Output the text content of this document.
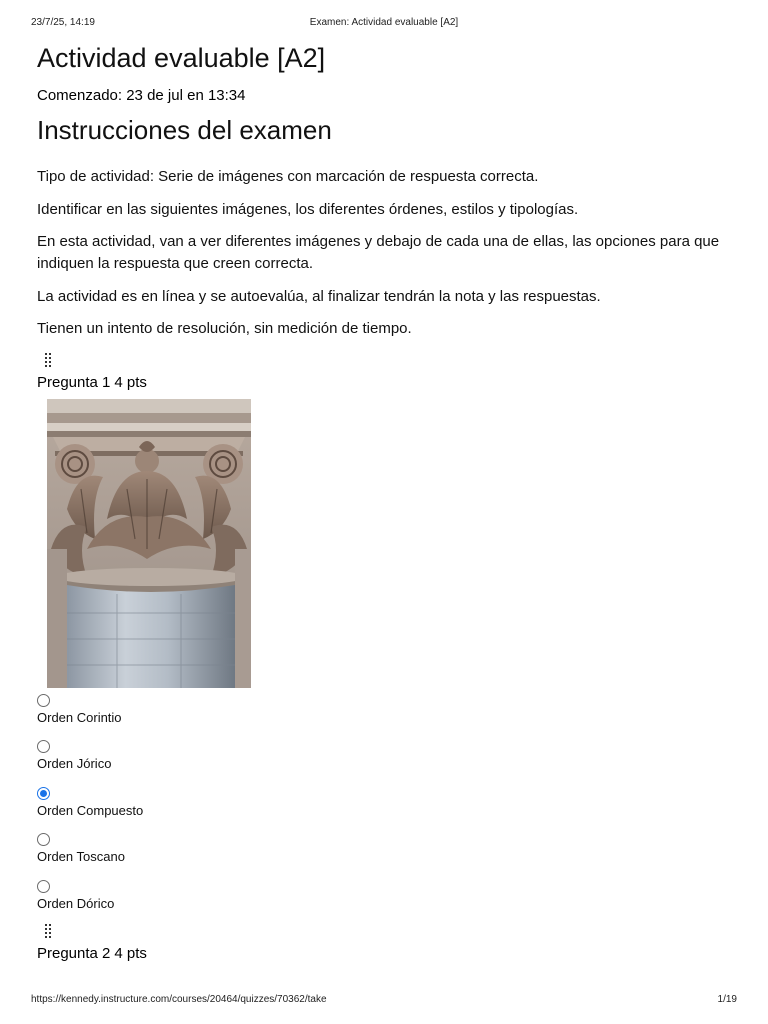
23/7/25, 14:19	Examen: Actividad evaluable [A2]
Actividad evaluable [A2]
Comenzado: 23 de jul en 13:34
Instrucciones del examen

Tipo de actividad: Serie de imágenes con marcación de respuesta correcta.

Identificar en las siguientes imágenes, los diferentes órdenes, estilos y tipologías.

En esta actividad, van a ver diferentes imágenes y debajo de cada una de ellas, las opciones para que indiquen la respuesta que creen correcta.

La actividad es en línea y se autoevalúa, al finalizar tendrán la nota y las respuestas.

Tienen un intento de resolución, sin medición de tiempo.

Pregunta 1 4 pts
Orden Corintio
Orden Jórico
Orden Compuesto
Orden Toscano
Orden Dórico
Pregunta 2 4 pts
https://kennedy.instructure.com/courses/20464/quizzes/70362/take	1/19
